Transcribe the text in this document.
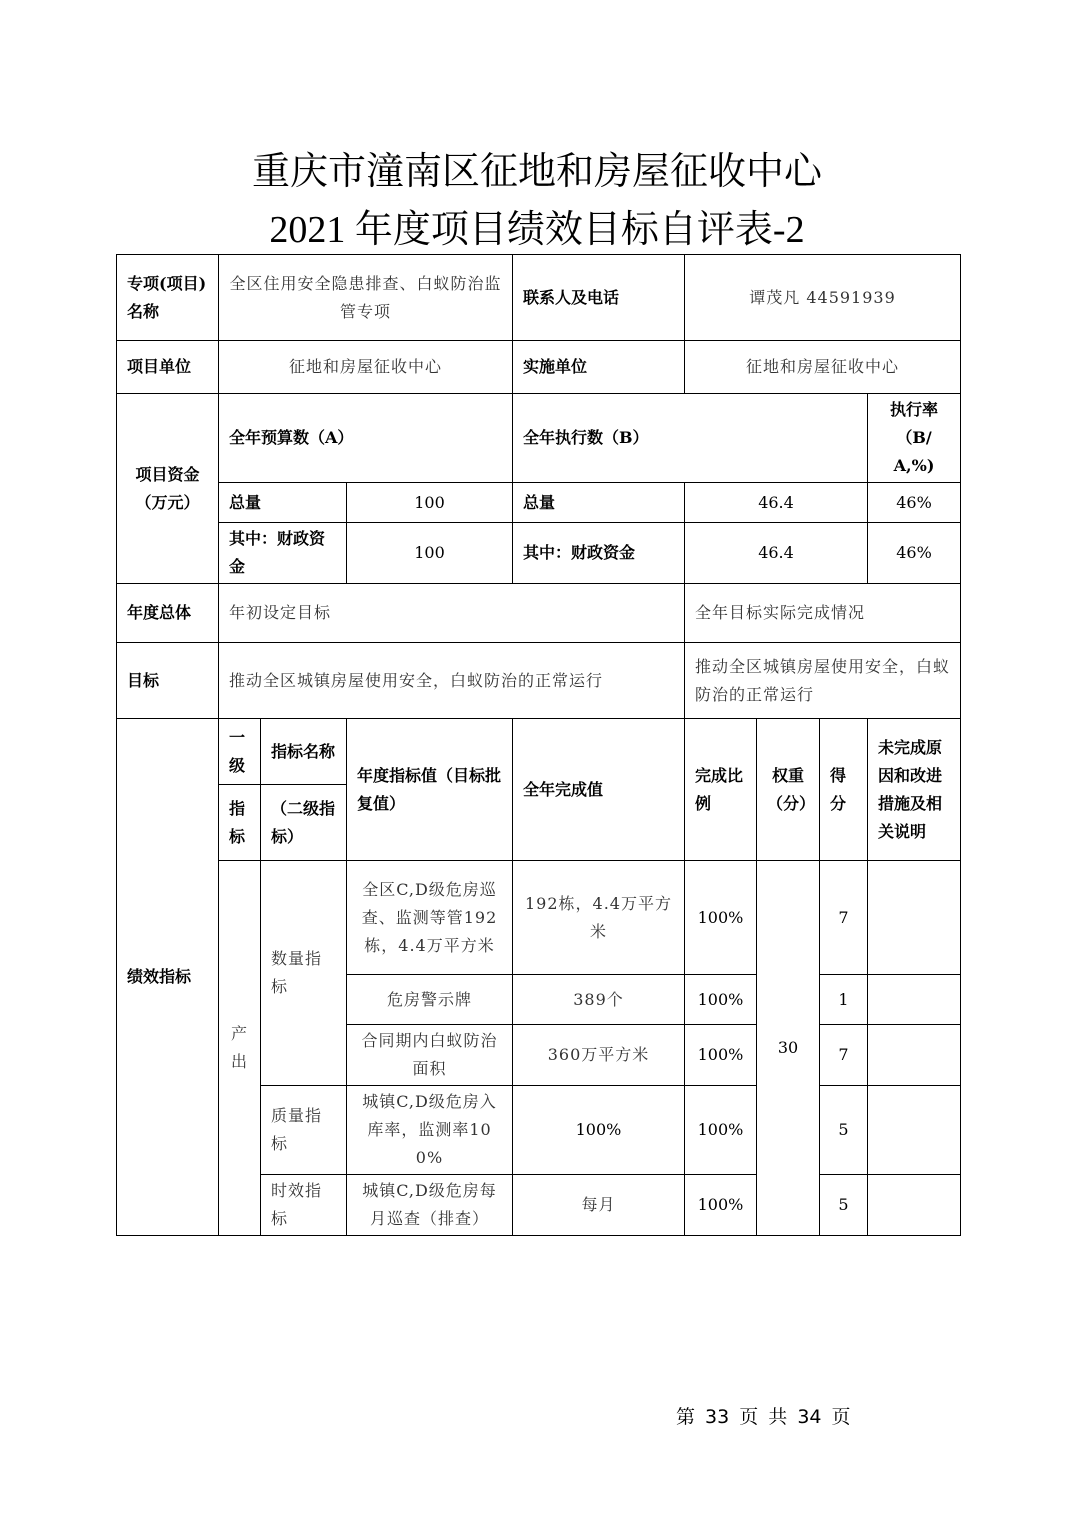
重庆市潼南区征地和房屋征收中心
2021 年度项目绩效目标自评表-2
专项(项目)名称	全区住用安全隐患排查、白蚁防治监管专项			联系人及电话	谭茂凡 44591939			
项目单位	征地和房屋征收中心			实施单位	征地和房屋征收中心			
项目资金（万元）	全年预算数（A）			全年执行数（B）				执行率（B/A,%)
	总量		100	总量	46.4			46%
	其中：财政资金		100	其中：财政资金	46.4			46%
年度总体	年初设定目标				全年目标实际完成情况			
目标	推动全区城镇房屋使用安全，白蚁防治的正常运行				推动全区城镇房屋使用安全，白蚁防治的正常运行			
绩效指标	一级	指标名称	年度指标值（目标批复值）	全年完成值	完成比例	权重（分）	得分	未完成原因和改进措施及相关说明
	指标	（二级指标）						
	产出	数量指标	全区C,D级危房巡查、监测等管192栋，4.4万平方米	192栋，4.4万平方米	100%	30	7	
			危房警示牌	389个	100%		1	
			合同期内白蚁防治面积	360万平方米	100%		7	
		质量指标	城镇C,D级危房入库率，监测率100%	100%	100%		5	
		时效指标	城镇C,D级危房每月巡查（排查）	每月	100%		5	
第 33 页 共 34 页
